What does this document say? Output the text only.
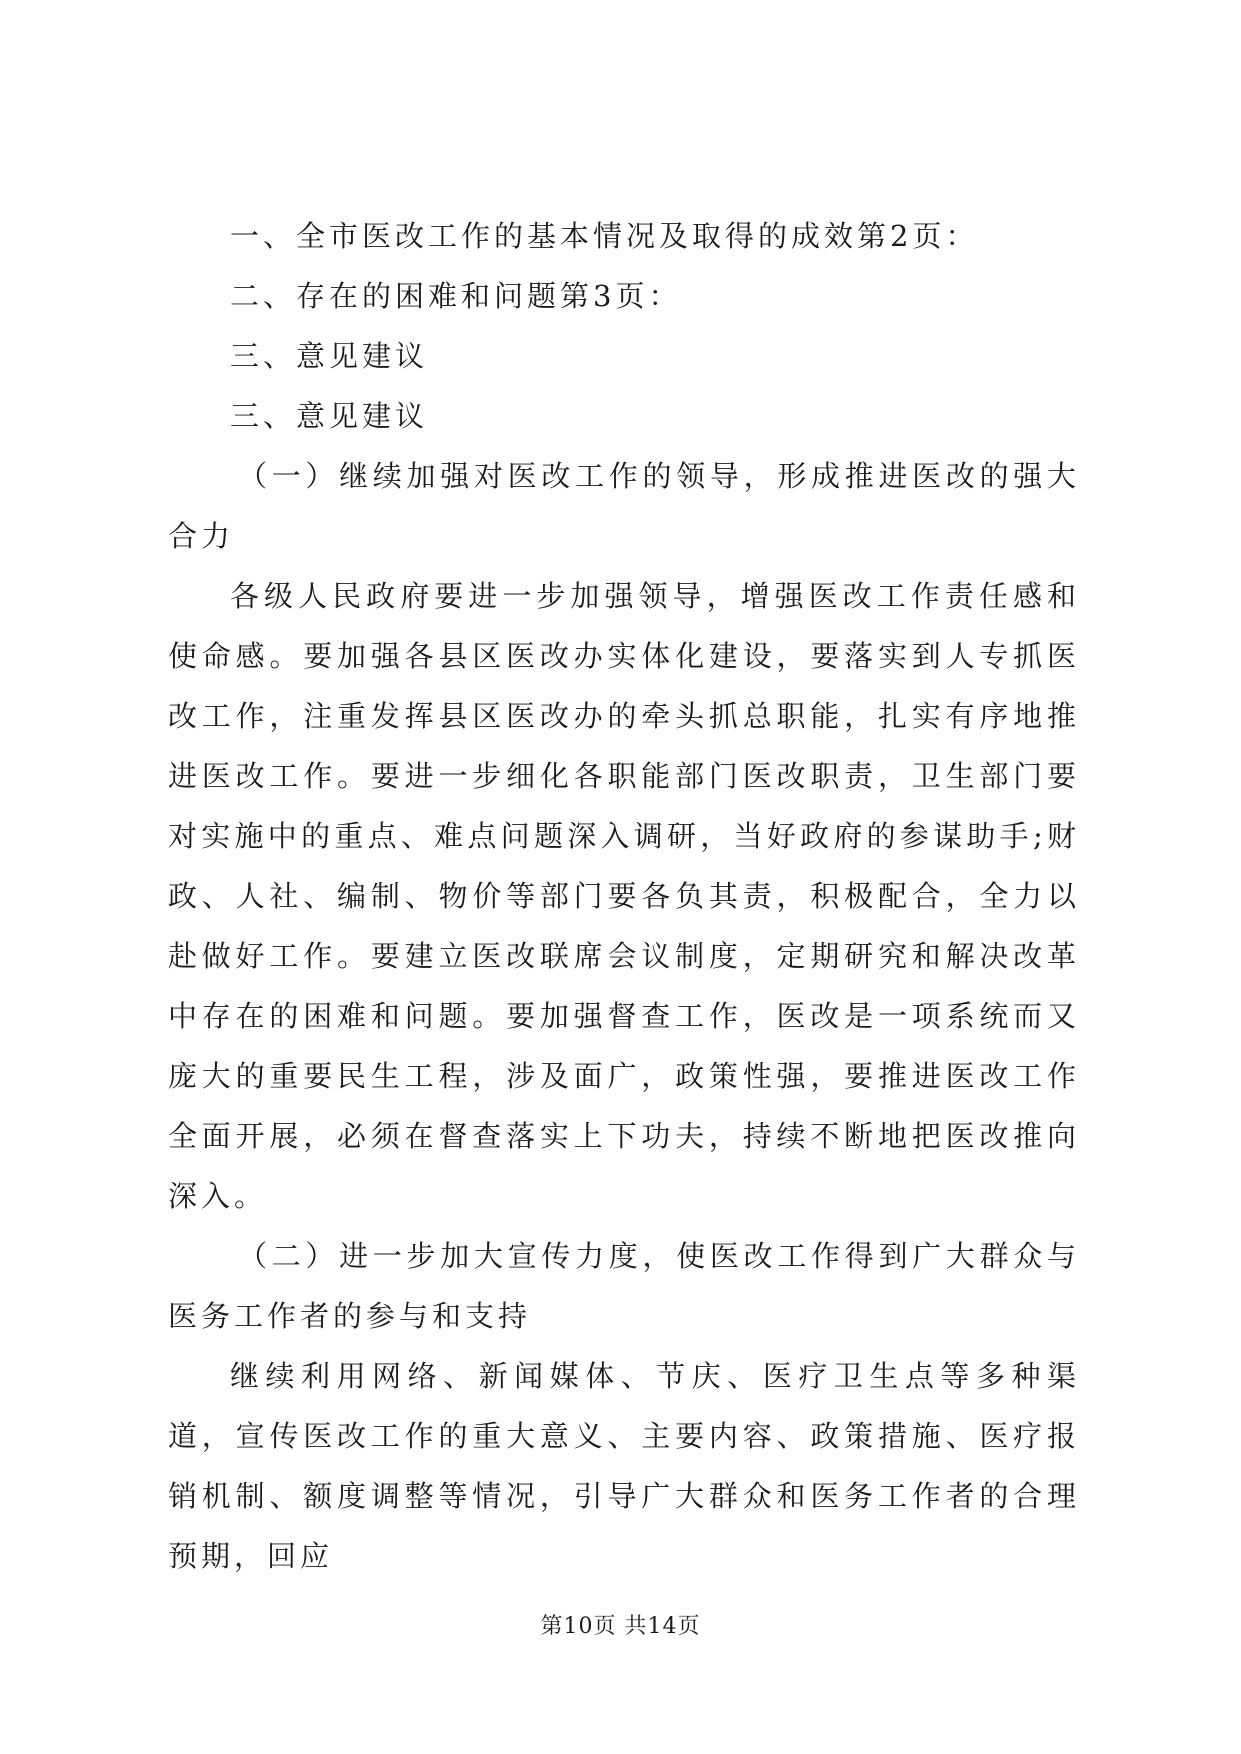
一、全市医改工作的基本情况及取得的成效第2页：

二、存在的困难和问题第3页：

三、意见建议

三、意见建议

（一）继续加强对医改工作的领导，形成推进医改的强大合力

各级人民政府要进一步加强领导，增强医改工作责任感和使命感。要加强各县区医改办实体化建设，要落实到人专抓医改工作，注重发挥县区医改办的牵头抓总职能，扎实有序地推进医改工作。要进一步细化各职能部门医改职责，卫生部门要对实施中的重点、难点问题深入调研，当好政府的参谋助手;财政、人社、编制、物价等部门要各负其责，积极配合，全力以赴做好工作。要建立医改联席会议制度，定期研究和解决改革中存在的困难和问题。要加强督查工作，医改是一项系统而又庞大的重要民生工程，涉及面广，政策性强，要推进医改工作全面开展，必须在督查落实上下功夫，持续不断地把医改推向深入。

（二）进一步加大宣传力度，使医改工作得到广大群众与医务工作者的参与和支持

继续利用网络、新闻媒体、节庆、医疗卫生点等多种渠道，宣传医改工作的重大意义、主要内容、政策措施、医疗报销机制、额度调整等情况，引导广大群众和医务工作者的合理预期，回应

第10页 共14页
